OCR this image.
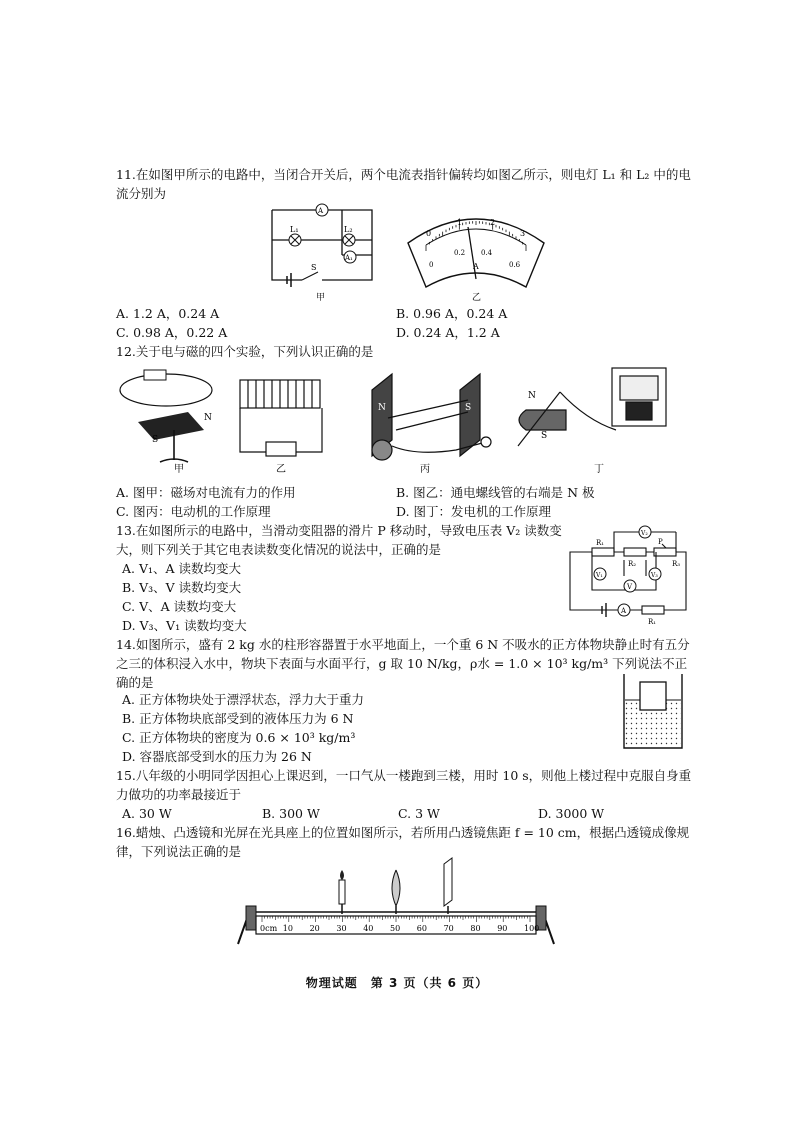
11.在如图甲所示的电路中，当闭合开关后，两个电流表指针偏转均如图乙所示，则电灯 L₁ 和 L₂ 中的电流分别为
A
L₁	L₂
A₁
S
甲
0
1	2
3
0
0.2 0.4
0.6
A
乙
A. 1.2 A，0.24 A	B. 0.96 A，0.24 A
C. 0.98 A，0.22 A	D. 0.24 A，1.2 A
12.关于电与磁的四个实验，下列认识正确的是
S
N
甲	乙
N	S
丙
N
S
丁
A. 图甲：磁场对电流有力的作用	B. 图乙：通电螺线管的右端是 N 极
C. 图丙：电动机的工作原理	D. 图丁：发电机的工作原理
13.在如图所示的电路中，当滑动变阻器的滑片 P 移动时，导致电压表 V₂ 读数变大，则下列关于其它电表读数变化情况的说法中，正确的是
A. V₁、A 读数均变大
B. V₃、V 读数均变大
C. V、A 读数均变大
D. V₃、V₁ 读数均变大
V₂
V₁	V₃
V
A
R₁
R₂	R₃
P
R₁
14.如图所示，盛有 2 kg 水的柱形容器置于水平地面上，一个重 6 N 不吸水的正方体物块静止时有五分之三的体积浸入水中，物块下表面与水面平行，g 取 10 N/kg，ρ水 = 1.0 × 10³ kg/m³ 下列说法不正确的是
A. 正方体物块处于漂浮状态，浮力大于重力
B. 正方体物块底部受到的液体压力为 6 N
C. 正方体物块的密度为 0.6 × 10³ kg/m³
D. 容器底部受到水的压力为 26 N
15.八年级的小明同学因担心上课迟到，一口气从一楼跑到三楼，用时 10 s，则他上楼过程中克服自身重力做功的功率最接近于
A. 30 W	B. 300 W	C. 3 W	D. 3000 W
16.蜡烛、凸透镜和光屏在光具座上的位置如图所示，若所用凸透镜焦距 f = 10 cm，根据凸透镜成像规律，下列说法正确的是
0cm 10 20 30 40 50 60 70 80 90 100
物理试题　第 3 页（共 6 页）
